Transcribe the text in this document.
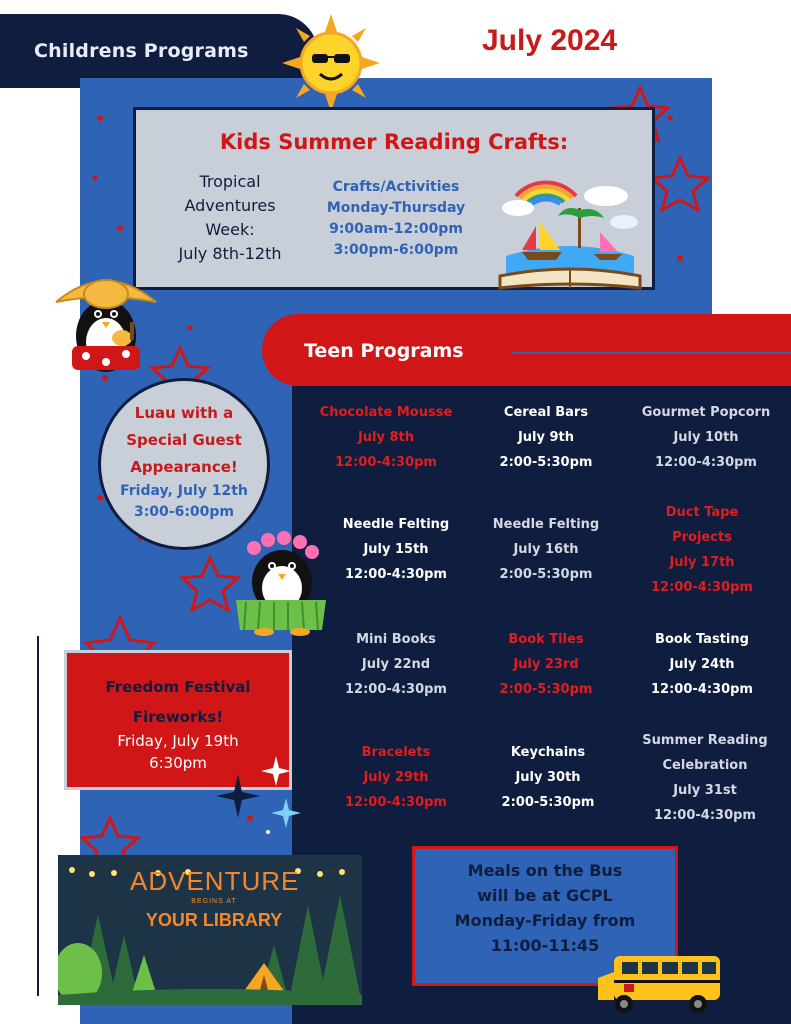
Childrens Programs	July 2024
Kids Summer Reading Crafts:
Tropical
Adventures
Week:
July 8th-12th
Crafts/Activities
Monday-Thursday
9:00am-12:00pm
3:00pm-6:00pm
Teen Programs
Chocolate Mousse
July 8th
12:00-4:30pm
Cereal Bars
July 9th
2:00-5:30pm
Gourmet Popcorn
July 10th
12:00-4:30pm
Needle Felting
July 15th
12:00-4:30pm
Needle Felting
July 16th
2:00-5:30pm
Duct Tape
Projects
July 17th
12:00-4:30pm
Mini Books
July 22nd
12:00-4:30pm
Book Tiles
July 23rd
2:00-5:30pm
Book Tasting
July 24th
12:00-4:30pm
Bracelets
July 29th
12:00-4:30pm
Keychains
July 30th
2:00-5:30pm
Summer Reading
Celebration
July 31st
12:00-4:30pm
Luau with a
Special Guest
Appearance!
Friday, July 12th
3:00-6:00pm
Freedom Festival
Fireworks!
Friday, July 19th
6:30pm
ADVENTURE
BEGINS AT
YOUR LIBRARY
Meals on the Bus
will be at GCPL
Monday-Friday from
11:00-11:45
